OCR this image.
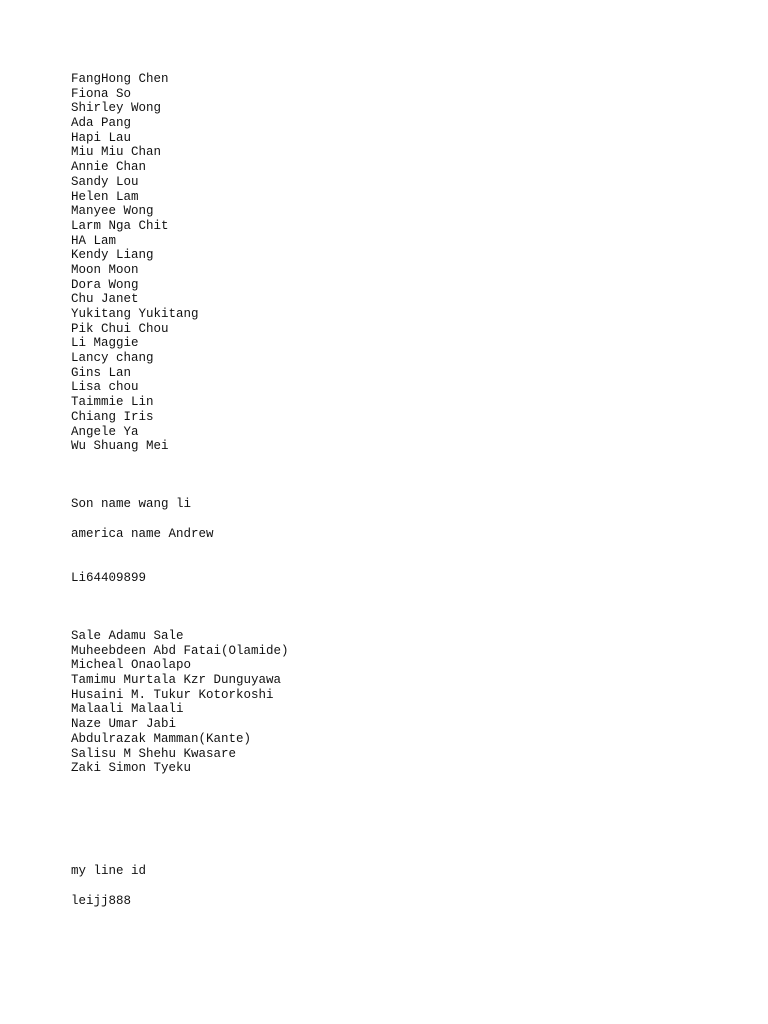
FangHong Chen
Fiona So
Shirley Wong
Ada Pang
Hapi Lau
Miu Miu Chan
Annie Chan
Sandy Lou
Helen Lam
Manyee Wong
Larm Nga Chit
HA Lam
Kendy Liang
Moon Moon
Dora Wong
Chu Janet
Yukitang Yukitang
Pik Chui Chou
Li Maggie
Lancy chang
Gins Lan
Lisa chou
Taimmie Lin
Chiang Iris
Angele Ya
Wu Shuang Mei
Son name wang li
america name Andrew
Li64409899
Sale Adamu Sale
Muheebdeen Abd Fatai(Olamide)
Micheal Onaolapo
Tamimu Murtala Kzr Dunguyawa
Husaini M. Tukur Kotorkoshi
Malaali Malaali
Naze Umar Jabi
Abdulrazak Mamman(Kante)
Salisu M Shehu Kwasare
Zaki Simon Tyeku
my line id
leijj888
